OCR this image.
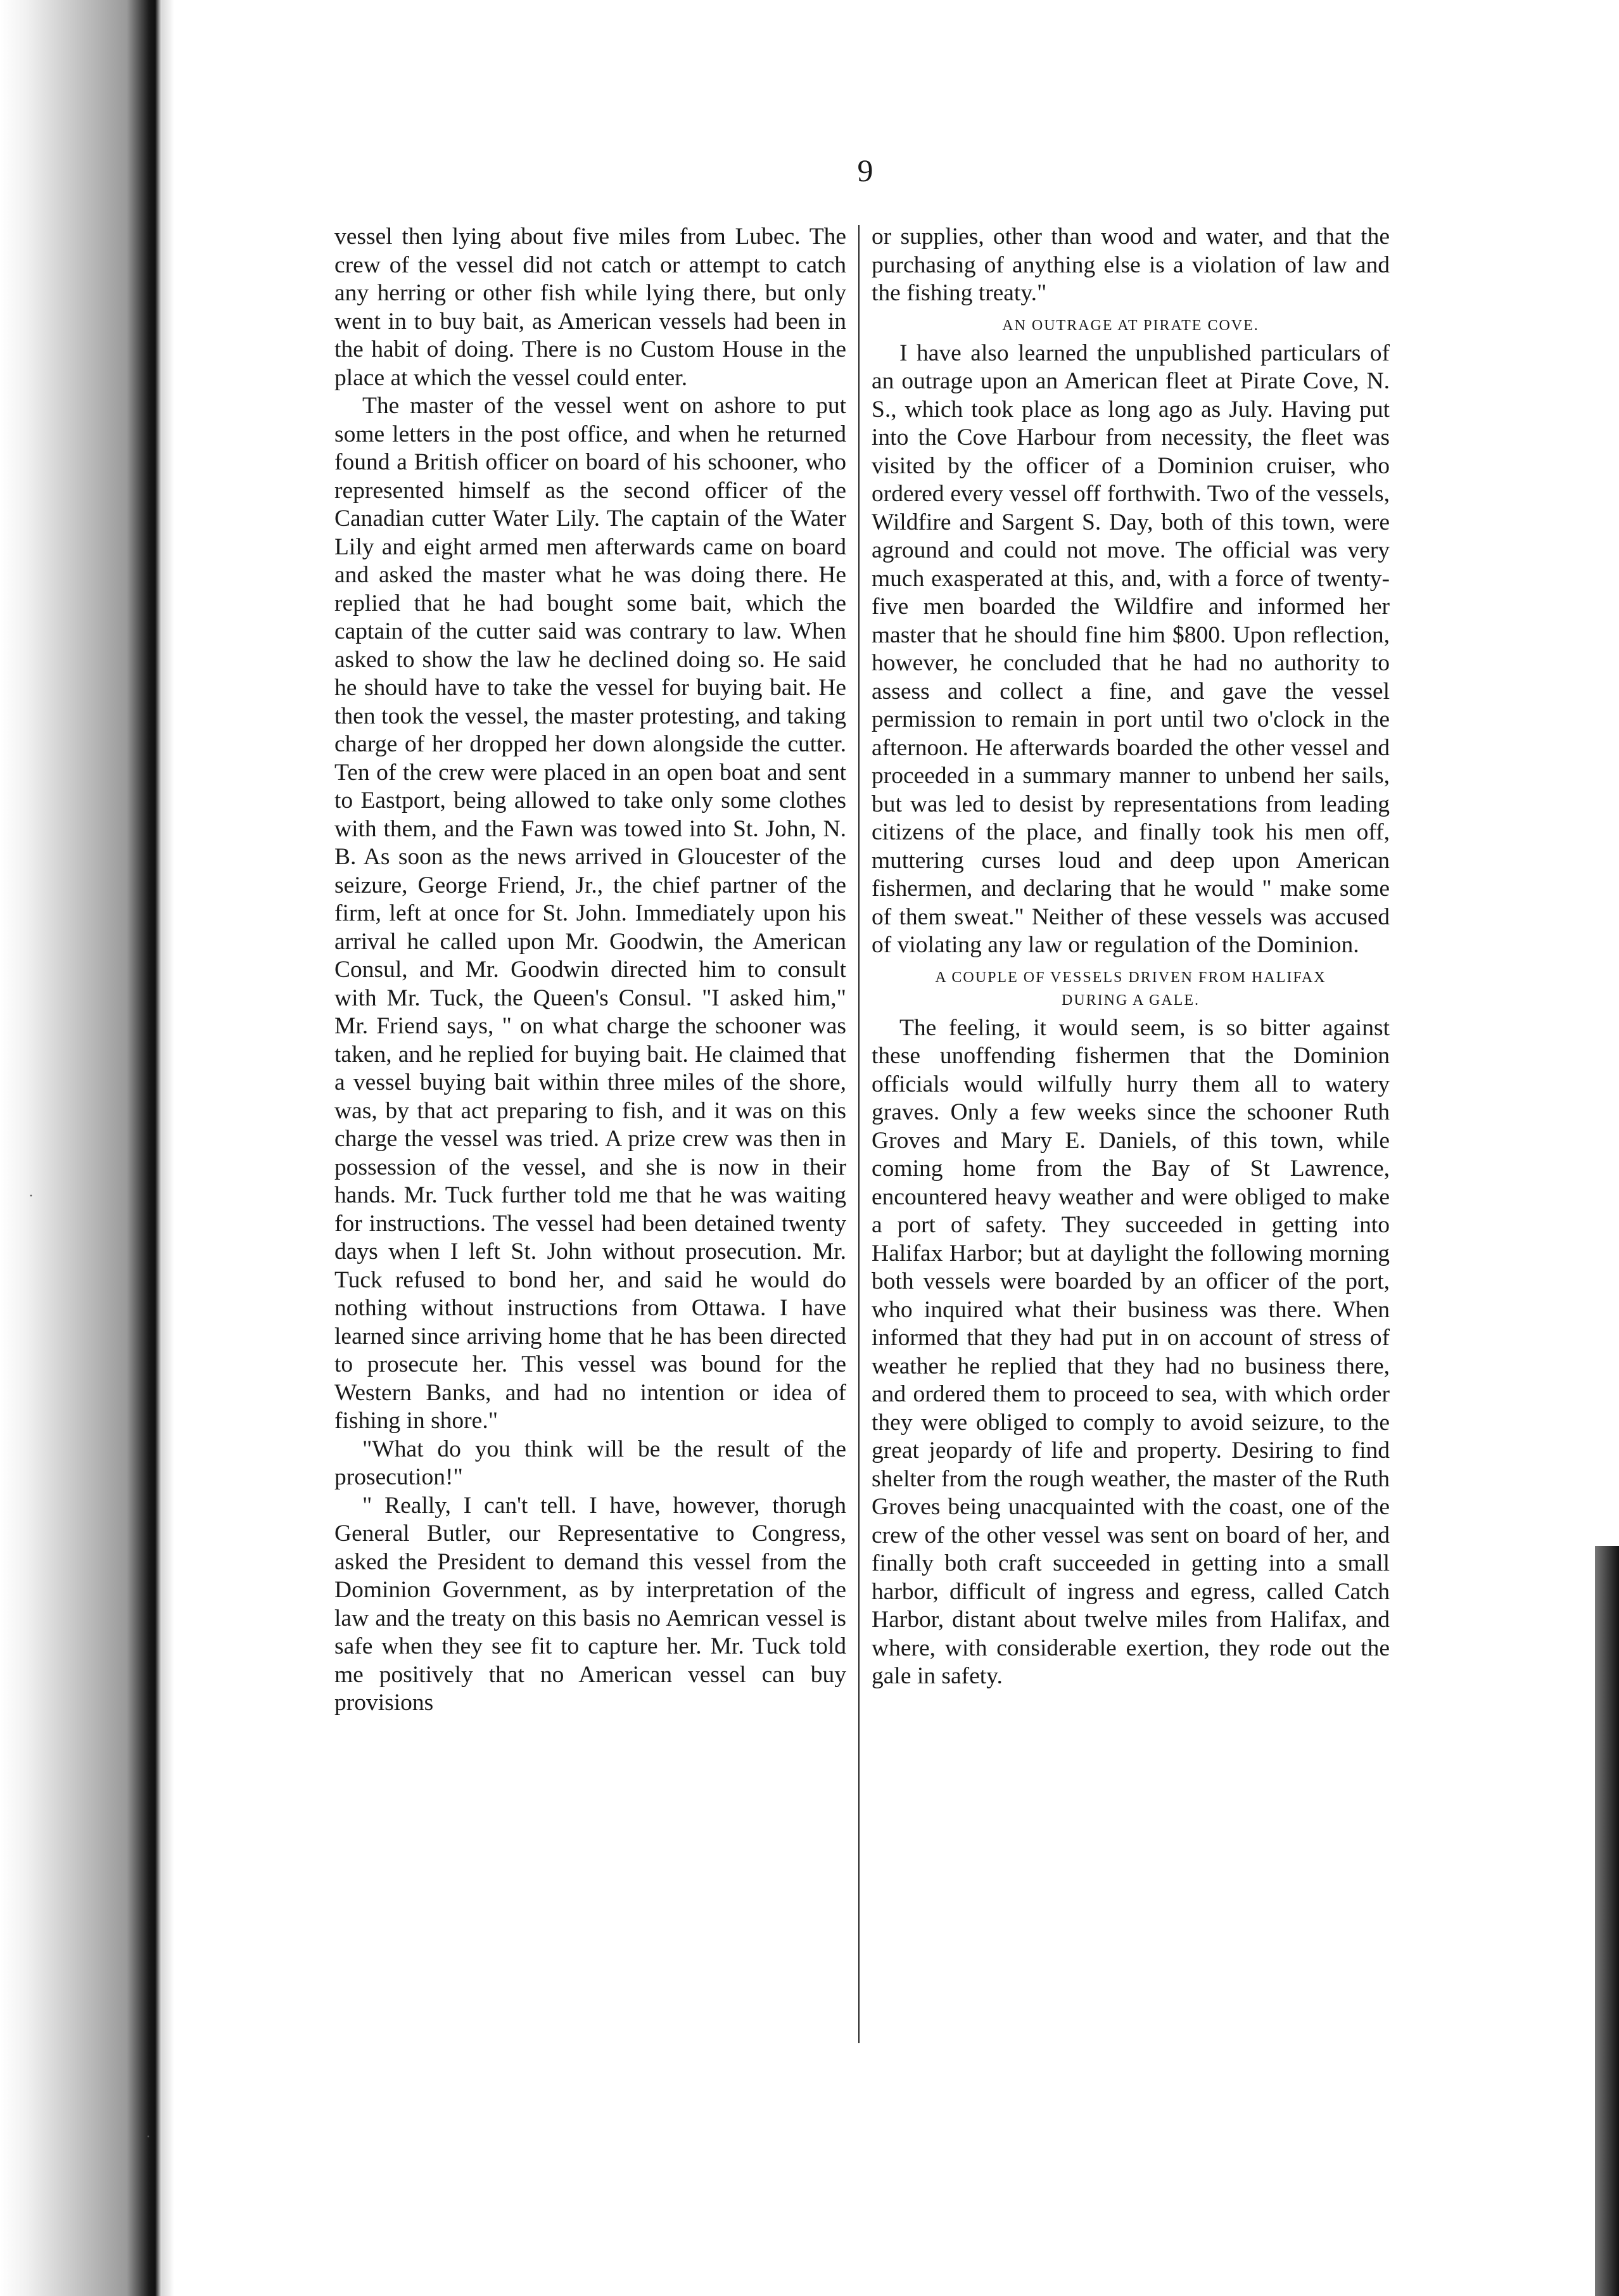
·
·
9

vessel then lying about five miles from Lubec. The crew of the vessel did not catch or attempt to catch any herring or other fish while lying there, but only went in to buy bait, as American vessels had been in the habit of doing. There is no Custom House in the place at which the vessel could enter.

The master of the vessel went on ashore to put some letters in the post office, and when he returned found a British officer on board of his schooner, who represented himself as the second officer of the Canadian cutter Water Lily. The captain of the Water Lily and eight armed men afterwards came on board and asked the master what he was doing there. He replied that he had bought some bait, which the captain of the cutter said was contrary to law. When asked to show the law he declined doing so. He said he should have to take the vessel for buying bait. He then took the vessel, the master protesting, and taking charge of her dropped her down alongside the cutter. Ten of the crew were placed in an open boat and sent to Eastport, being allowed to take only some clothes with them, and the Fawn was towed into St. John, N. B. As soon as the news arrived in Gloucester of the seizure, George Friend, Jr., the chief partner of the firm, left at once for St. John. Immediately upon his arrival he called upon Mr. Goodwin, the American Consul, and Mr. Goodwin directed him to consult with Mr. Tuck, the Queen's Consul. "I asked him," Mr. Friend says, " on what charge the schooner was taken, and he replied for buying bait. He claimed that a vessel buying bait within three miles of the shore, was, by that act preparing to fish, and it was on this charge the vessel was tried. A prize crew was then in possession of the vessel, and she is now in their hands. Mr. Tuck further told me that he was waiting for instructions. The vessel had been detained twenty days when I left St. John without prosecution. Mr. Tuck refused to bond her, and said he would do nothing without instructions from Ottawa. I have learned since arriving home that he has been directed to prosecute her. This vessel was bound for the Western Banks, and had no intention or idea of fishing in shore."

"What do you think will be the result of the prosecution!"

" Really, I can't tell. I have, however, thorugh General Butler, our Representative to Congress, asked the President to demand this vessel from the Dominion Government, as by interpretation of the law and the treaty on this basis no Aemrican vessel is safe when they see fit to capture her. Mr. Tuck told me positively that no American vessel can buy provisions

or supplies, other than wood and water, and that the purchasing of anything else is a violation of law and the fishing treaty."

AN OUTRAGE AT PIRATE COVE.

I have also learned the unpublished particulars of an outrage upon an American fleet at Pirate Cove, N. S., which took place as long ago as July. Having put into the Cove Harbour from necessity, the fleet was visited by the officer of a Dominion cruiser, who ordered every vessel off forthwith. Two of the vessels, Wildfire and Sargent S. Day, both of this town, were aground and could not move. The official was very much exasperated at this, and, with a force of twenty-five men boarded the Wildfire and informed her master that he should fine him $800. Upon reflection, however, he concluded that he had no authority to assess and collect a fine, and gave the vessel permission to remain in port until two o'clock in the afternoon. He afterwards boarded the other vessel and proceeded in a summary manner to unbend her sails, but was led to desist by representations from leading citizens of the place, and finally took his men off, muttering curses loud and deep upon American fishermen, and declaring that he would " make some of them sweat." Neither of these vessels was accused of violating any law or regulation of the Dominion.

A COUPLE OF VESSELS DRIVEN FROM HALIFAX
DURING A GALE.

The feeling, it would seem, is so bitter against these unoffending fishermen that the Dominion officials would wilfully hurry them all to watery graves. Only a few weeks since the schooner Ruth Groves and Mary E. Daniels, of this town, while coming home from the Bay of St Lawrence, encountered heavy weather and were obliged to make a port of safety. They succeeded in getting into Halifax Harbor; but at daylight the following morning both vessels were boarded by an officer of the port, who inquired what their business was there. When informed that they had put in on account of stress of weather he replied that they had no business there, and ordered them to proceed to sea, with which order they were obliged to comply to avoid seizure, to the great jeopardy of life and property. Desiring to find shelter from the rough weather, the master of the Ruth Groves being unacquainted with the coast, one of the crew of the other vessel was sent on board of her, and finally both craft succeeded in getting into a small harbor, difficult of ingress and egress, called Catch Harbor, distant about twelve miles from Halifax, and where, with considerable exertion, they rode out the gale in safety.
